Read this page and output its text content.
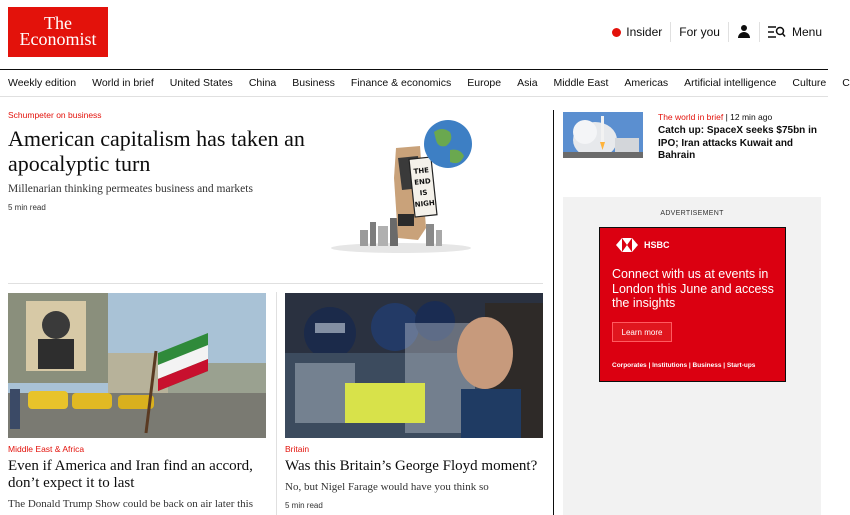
The
Economist	Insider For you	Menu
Weekly edition World in brief United States China Business Finance & economics Europe Asia Middle East Americas Artificial intelligence Culture C
Schumpeter on business
American capitalism has taken an apocalyptic turn
Millenarian thinking permeates business and markets
5 min read
THE
END
IS
NIGH
Middle East & Africa
Even if America and Iran find an accord, don’t expect it to last
The Donald Trump Show could be back on air later this
Britain
Was this Britain’s George Floyd moment?
No, but Nigel Farage would have you think so
5 min read
The world in brief | 12 min ago
Catch up: SpaceX seeks $75bn in IPO; Iran attacks Kuwait and Bahrain
ADVERTISEMENT
HSBC
Connect with us at events in London this June and access the insights
Learn more
Corporates | Institutions | Business | Start-ups
